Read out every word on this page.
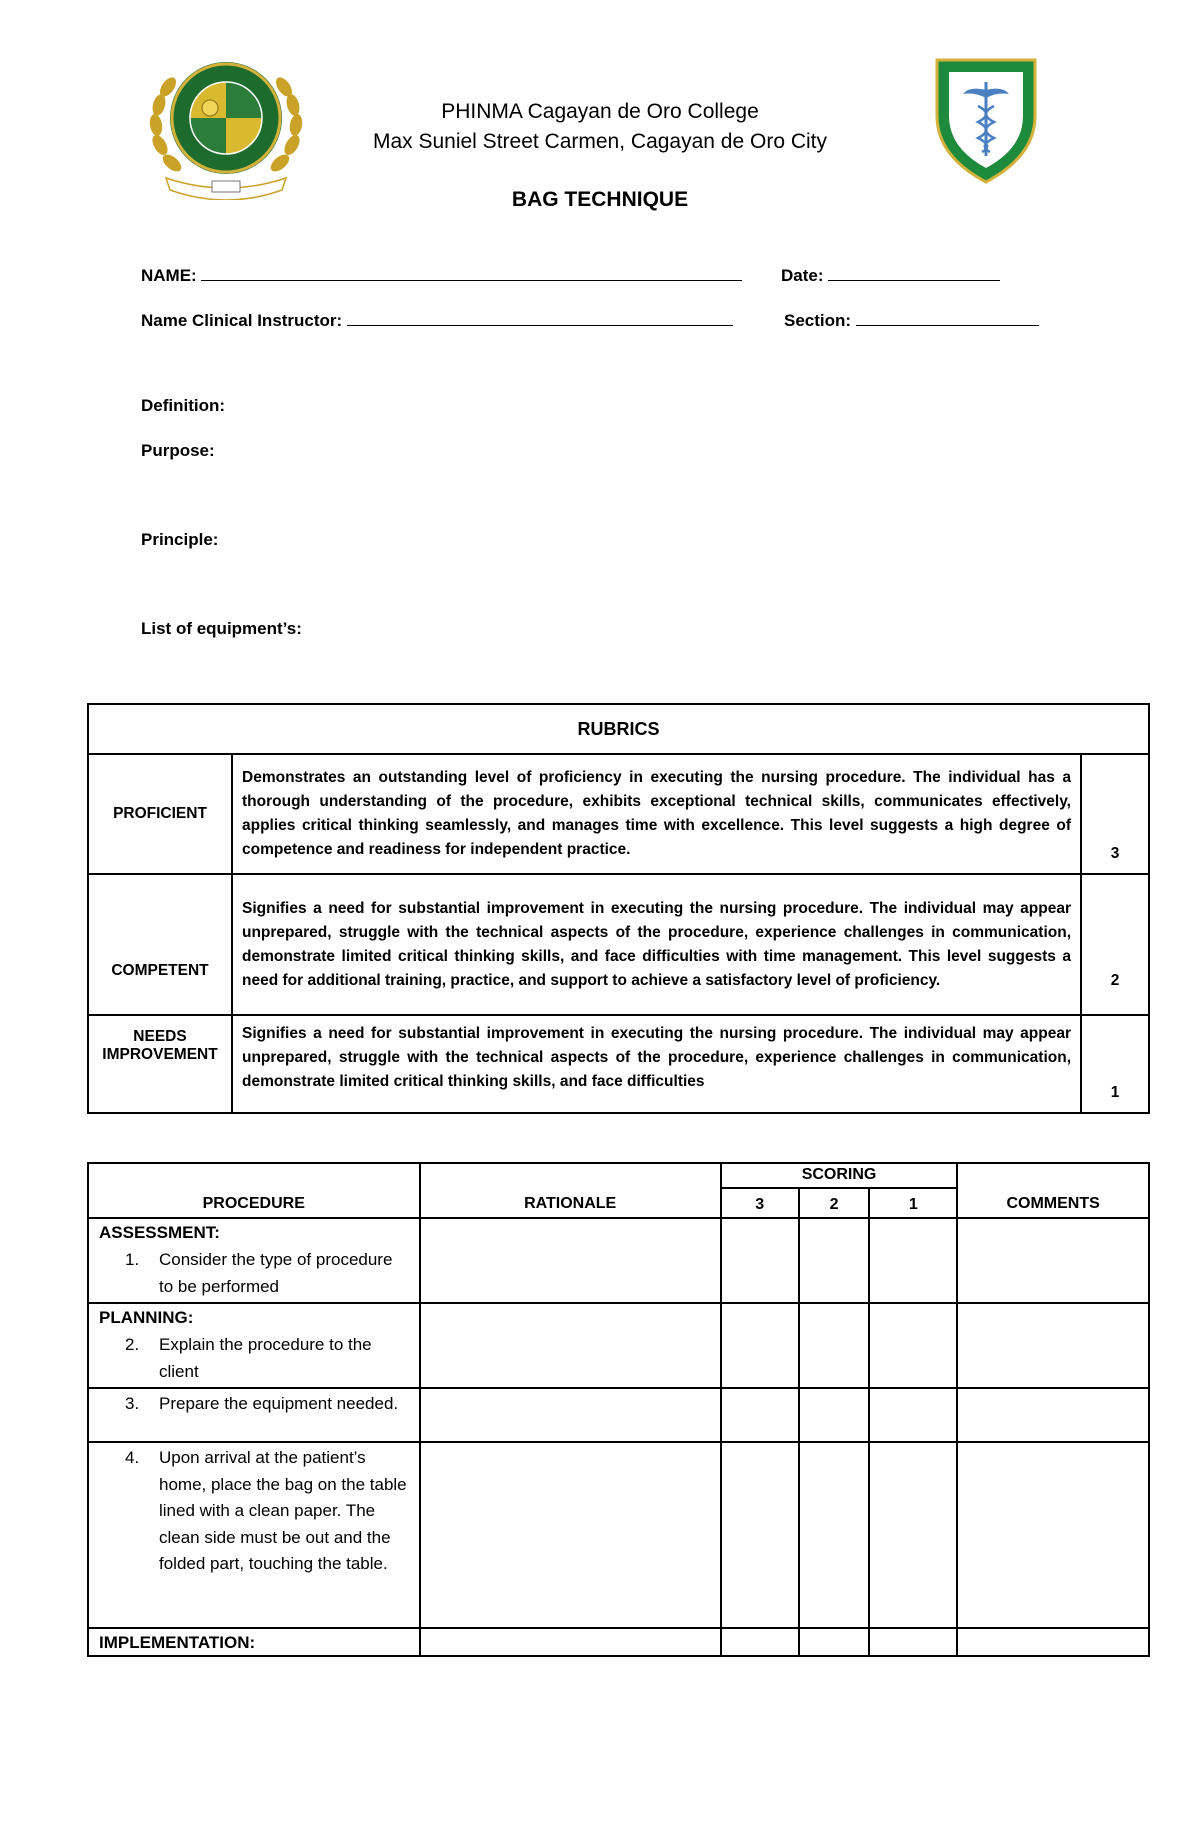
PHINMA Cagayan de Oro College
Max Suniel Street Carmen, Cagayan de Oro City
BAG TECHNIQUE
NAME:	Date:
Name Clinical Instructor:	Section:
Definition:
Purpose:
Principle:
List of equipment’s:
RUBRICS		
PROFICIENT	Demonstrates an outstanding level of proficiency in executing the nursing procedure. The individual has a thorough understanding of the procedure, exhibits exceptional technical skills, communicates effectively, applies critical thinking seamlessly, and manages time with excellence. This level suggests a high degree of competence and readiness for independent practice.	3
COMPETENT	Signifies a need for substantial improvement in executing the nursing procedure. The individual may appear unprepared, struggle with the technical aspects of the procedure, experience challenges in communication, demonstrate limited critical thinking skills, and face difficulties with time management. This level suggests a need for additional training, practice, and support to achieve a satisfactory level of proficiency.	2
NEEDS IMPROVEMENT	Signifies a need for substantial improvement in executing the nursing procedure. The individual may appear unprepared, struggle with the technical aspects of the procedure, experience challenges in communication, demonstrate limited critical thinking skills, and face difficulties	1
PROCEDURE	RATIONALE	SCORING			COMMENTS
		3	2	1	

ASSESSMENT:
1. Consider the type of procedure to be performed					

PLANNING:
2. Explain the procedure to the client					

3. Prepare the equipment needed.					

4. Upon arrival at the patient’s home, place the bag on the table lined with a clean paper. The clean side must be out and the folded part, touching the table.					

IMPLEMENTATION:					
